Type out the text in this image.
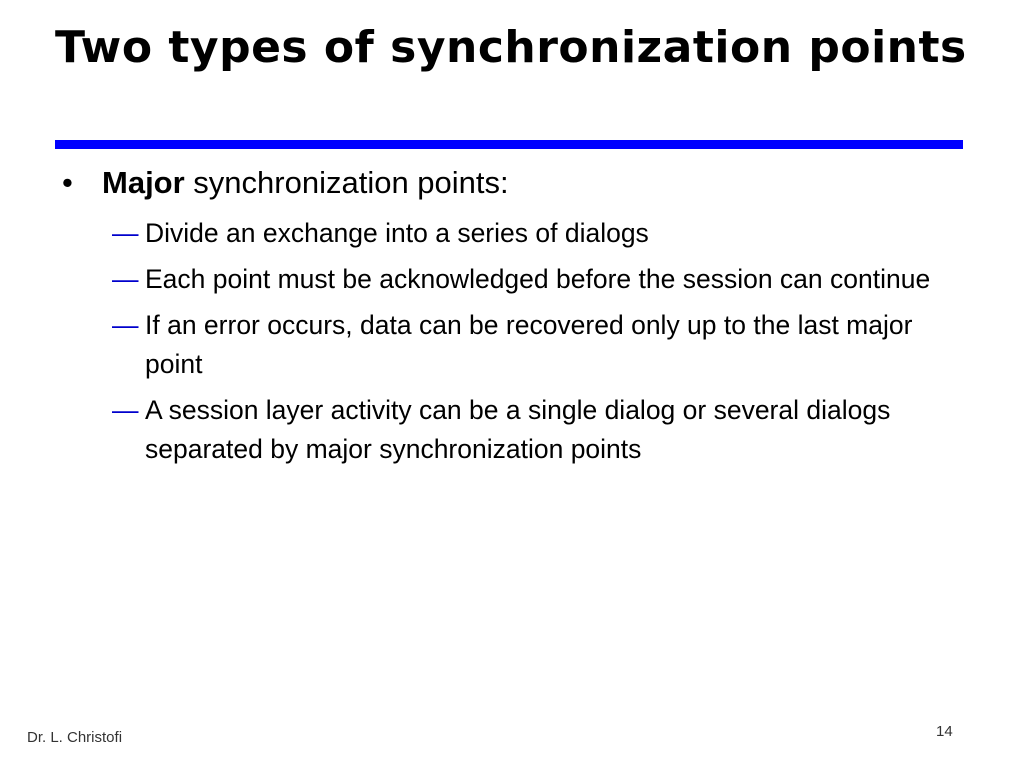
Two types of synchronization points
• Major synchronization points:
— Divide an exchange into a series of dialogs
— Each point must be acknowledged before the session can continue
— If an error occurs, data can be recovered only up to the last major point
— A session layer activity can be a single dialog or several dialogs separated by major synchronization points
Dr. L. Christofi	14
